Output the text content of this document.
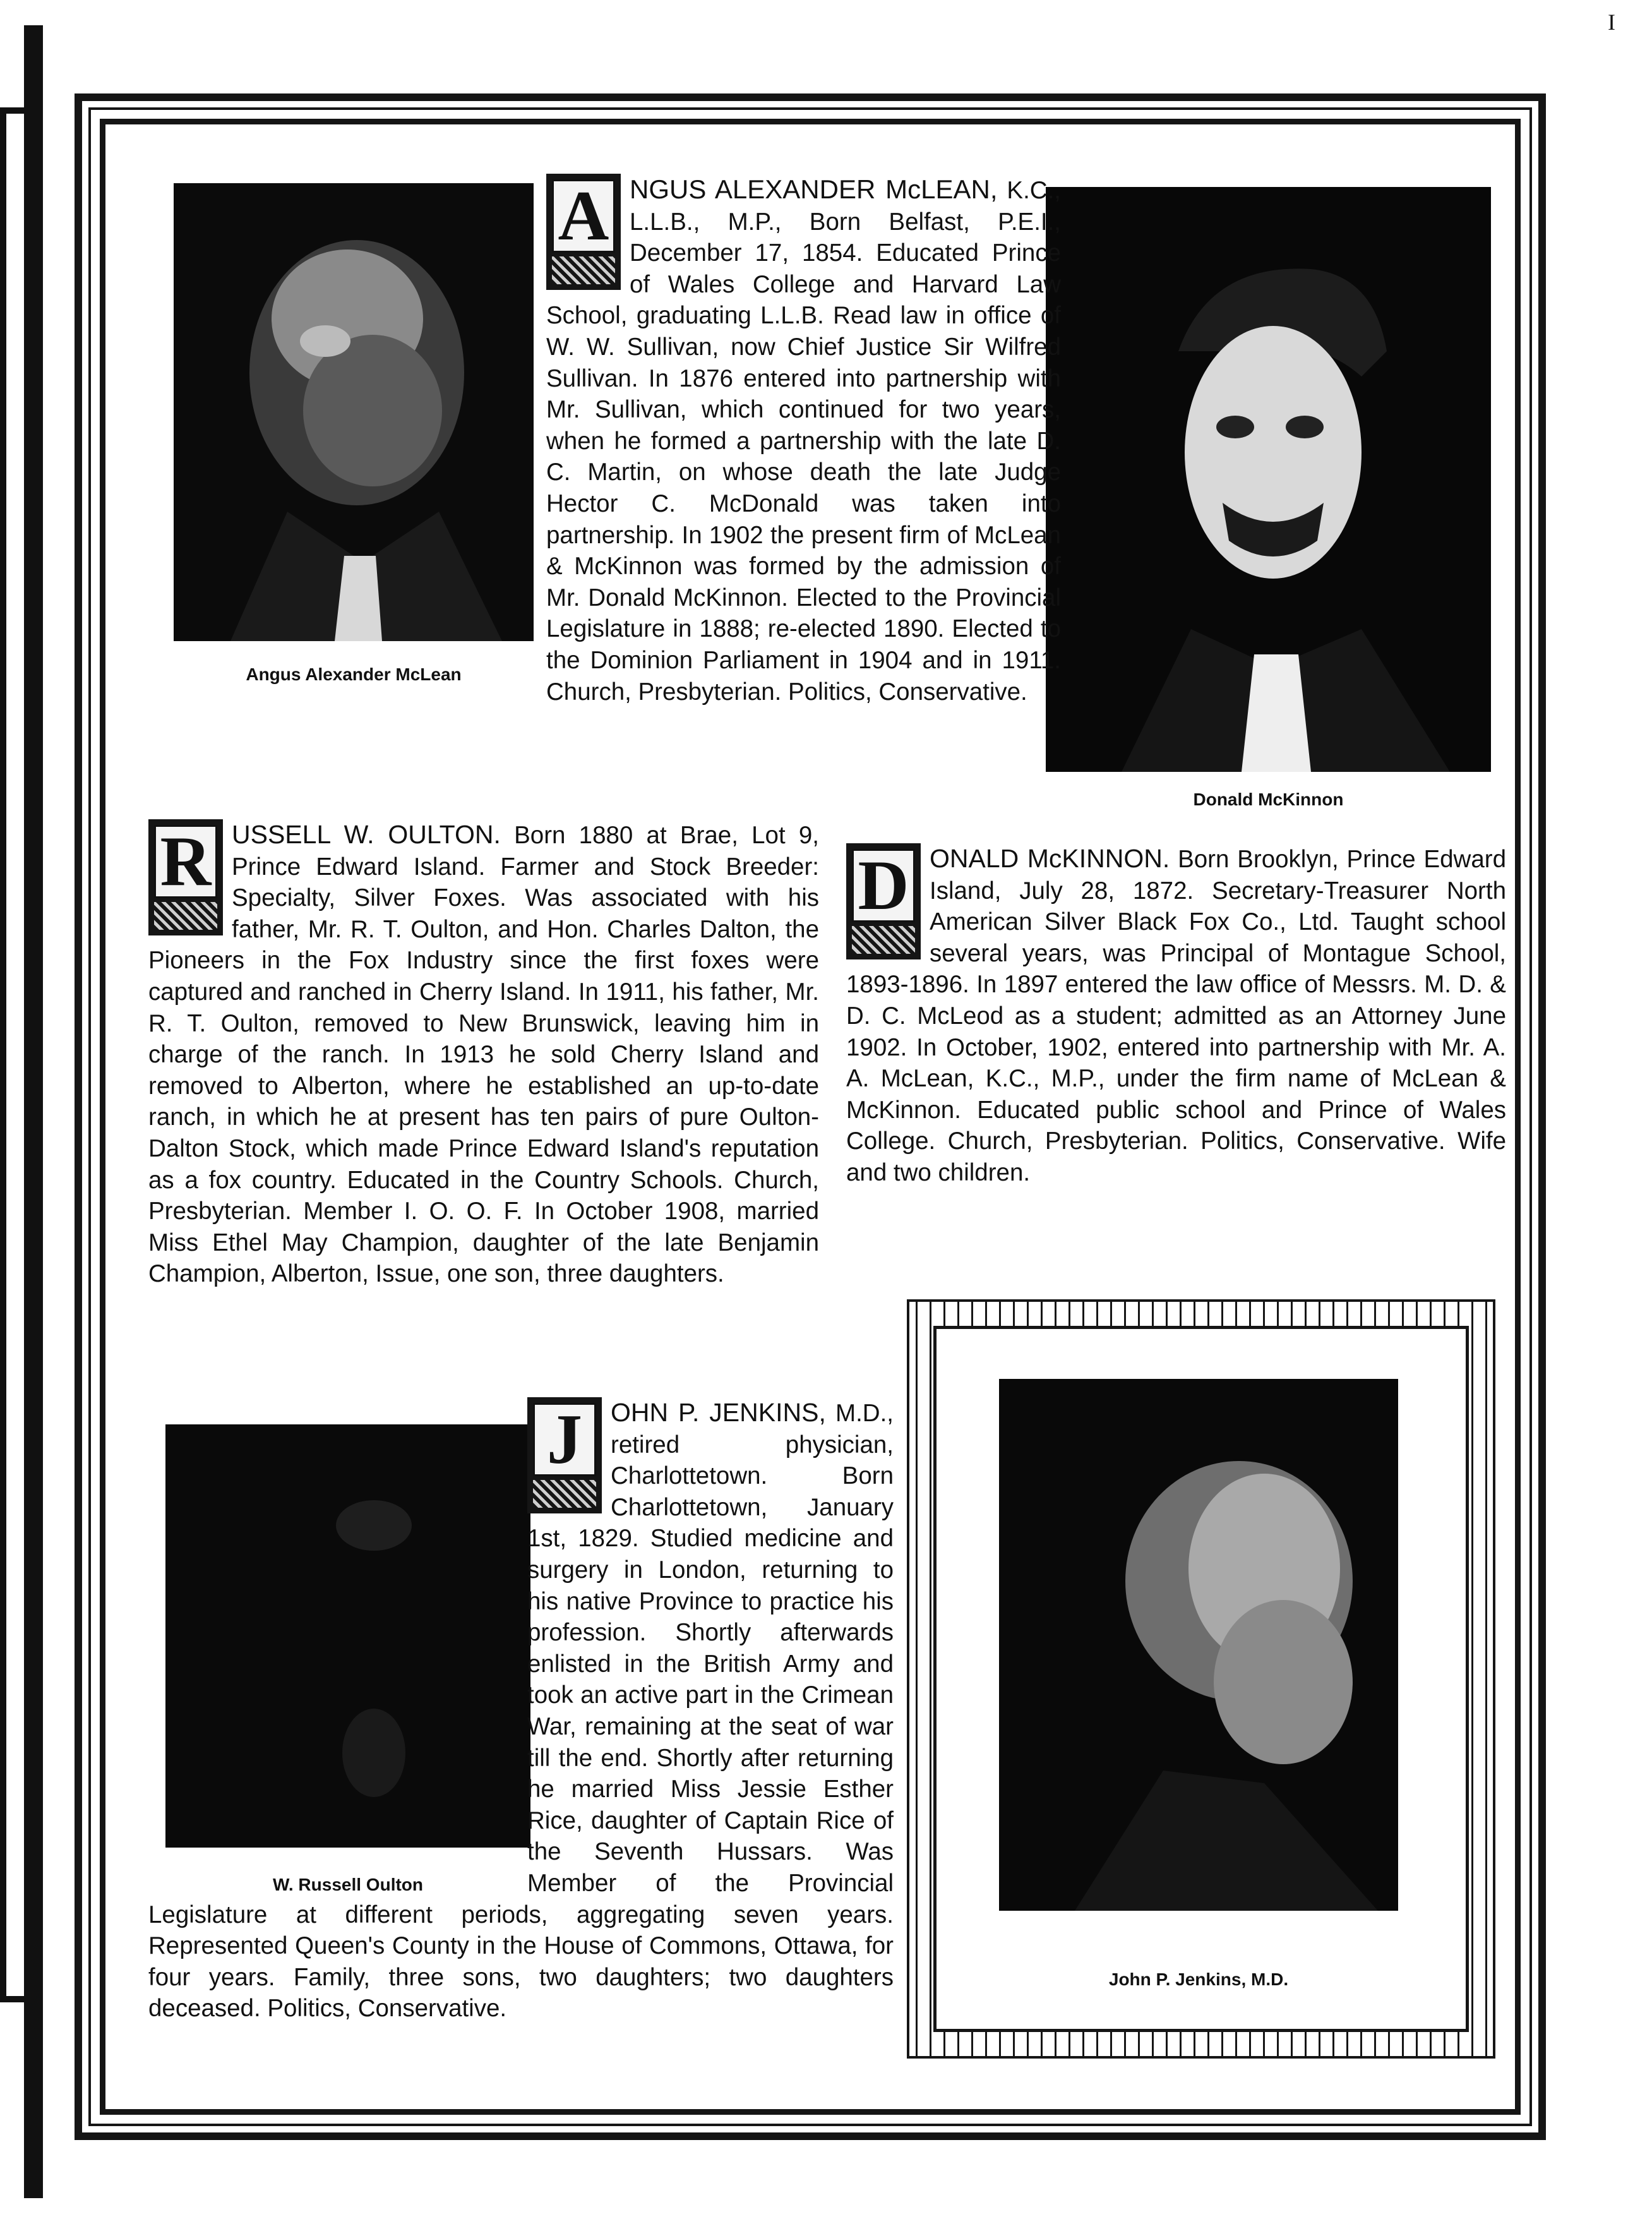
I
Angus Alexander McLean
Donald McKinnon
W. Russell Oulton
John P. Jenkins, M.D.

A NGUS ALEXANDER McLEAN, K.C., L.L.B., M.P., Born Belfast, P.E.I., December 17, 1854. Educated Prince of Wales College and Harvard Law School, graduating L.L.B. Read law in office of W. W. Sullivan, now Chief Justice Sir Wilfred Sullivan. In 1876 entered into partnership with Mr. Sullivan, which continued for two years, when he formed a partnership with the late D. C. Martin, on whose death the late Judge Hector C. McDonald was taken into partnership. In 1902 the present firm of McLean & McKinnon was formed by the admission of Mr. Donald McKinnon. Elected to the Provincial Legislature in 1888; re-elected 1890. Elected to the Dominion Parliament in 1904 and in 1911. Church, Presbyterian. Politics, Conservative.

R USSELL W. OULTON. Born 1880 at Brae, Lot 9, Prince Edward Island. Farmer and Stock Breeder: Specialty, Silver Foxes. Was associated with his father, Mr. R. T. Oulton, and Hon. Charles Dalton, the Pioneers in the Fox Industry since the first foxes were captured and ranched in Cherry Island. In 1911, his father, Mr. R. T. Oulton, removed to New Brunswick, leaving him in charge of the ranch. In 1913 he sold Cherry Island and removed to Alberton, where he established an up-to-date ranch, in which he at present has ten pairs of pure Oulton-Dalton Stock, which made Prince Edward Island's reputation as a fox country. Educated in the Country Schools. Church, Presbyterian. Member I. O. O. F. In October 1908, married Miss Ethel May Champion, daughter of the late Benjamin Champion, Alberton, Issue, one son, three daughters.

D ONALD McKINNON. Born Brooklyn, Prince Edward Island, July 28, 1872. Secretary-Treasurer North American Silver Black Fox Co., Ltd. Taught school several years, was Principal of Montague School, 1893-1896. In 1897 entered the law office of Messrs. M. D. & D. C. McLeod as a student; admitted as an Attorney June 1902. In October, 1902, entered into partnership with Mr. A. A. McLean, K.C., M.P., under the firm name of McLean & McKinnon. Educated public school and Prince of Wales College. Church, Presbyterian. Politics, Conservative. Wife and two children.

J	OHN P. JENKINS, M.D., retired physician, Charlottetown. Born Charlottetown, January 1st, 1829. Studied medicine and surgery in London, returning to his native Province to practice his profession. Shortly afterwards enlisted in the British Army and took an active part in the Crimean War, remaining at the seat of war till the end. Shortly after returning he married Miss Jessie Esther Rice, daughter of Captain Rice of the Seventh Hussars. Was Member of the Provincial Legislature at different periods, aggregating seven years. Represented Queen's County in the House of Commons, Ottawa, for four years. Family, three sons, two daughters; two daughters deceased. Politics, Conservative.
